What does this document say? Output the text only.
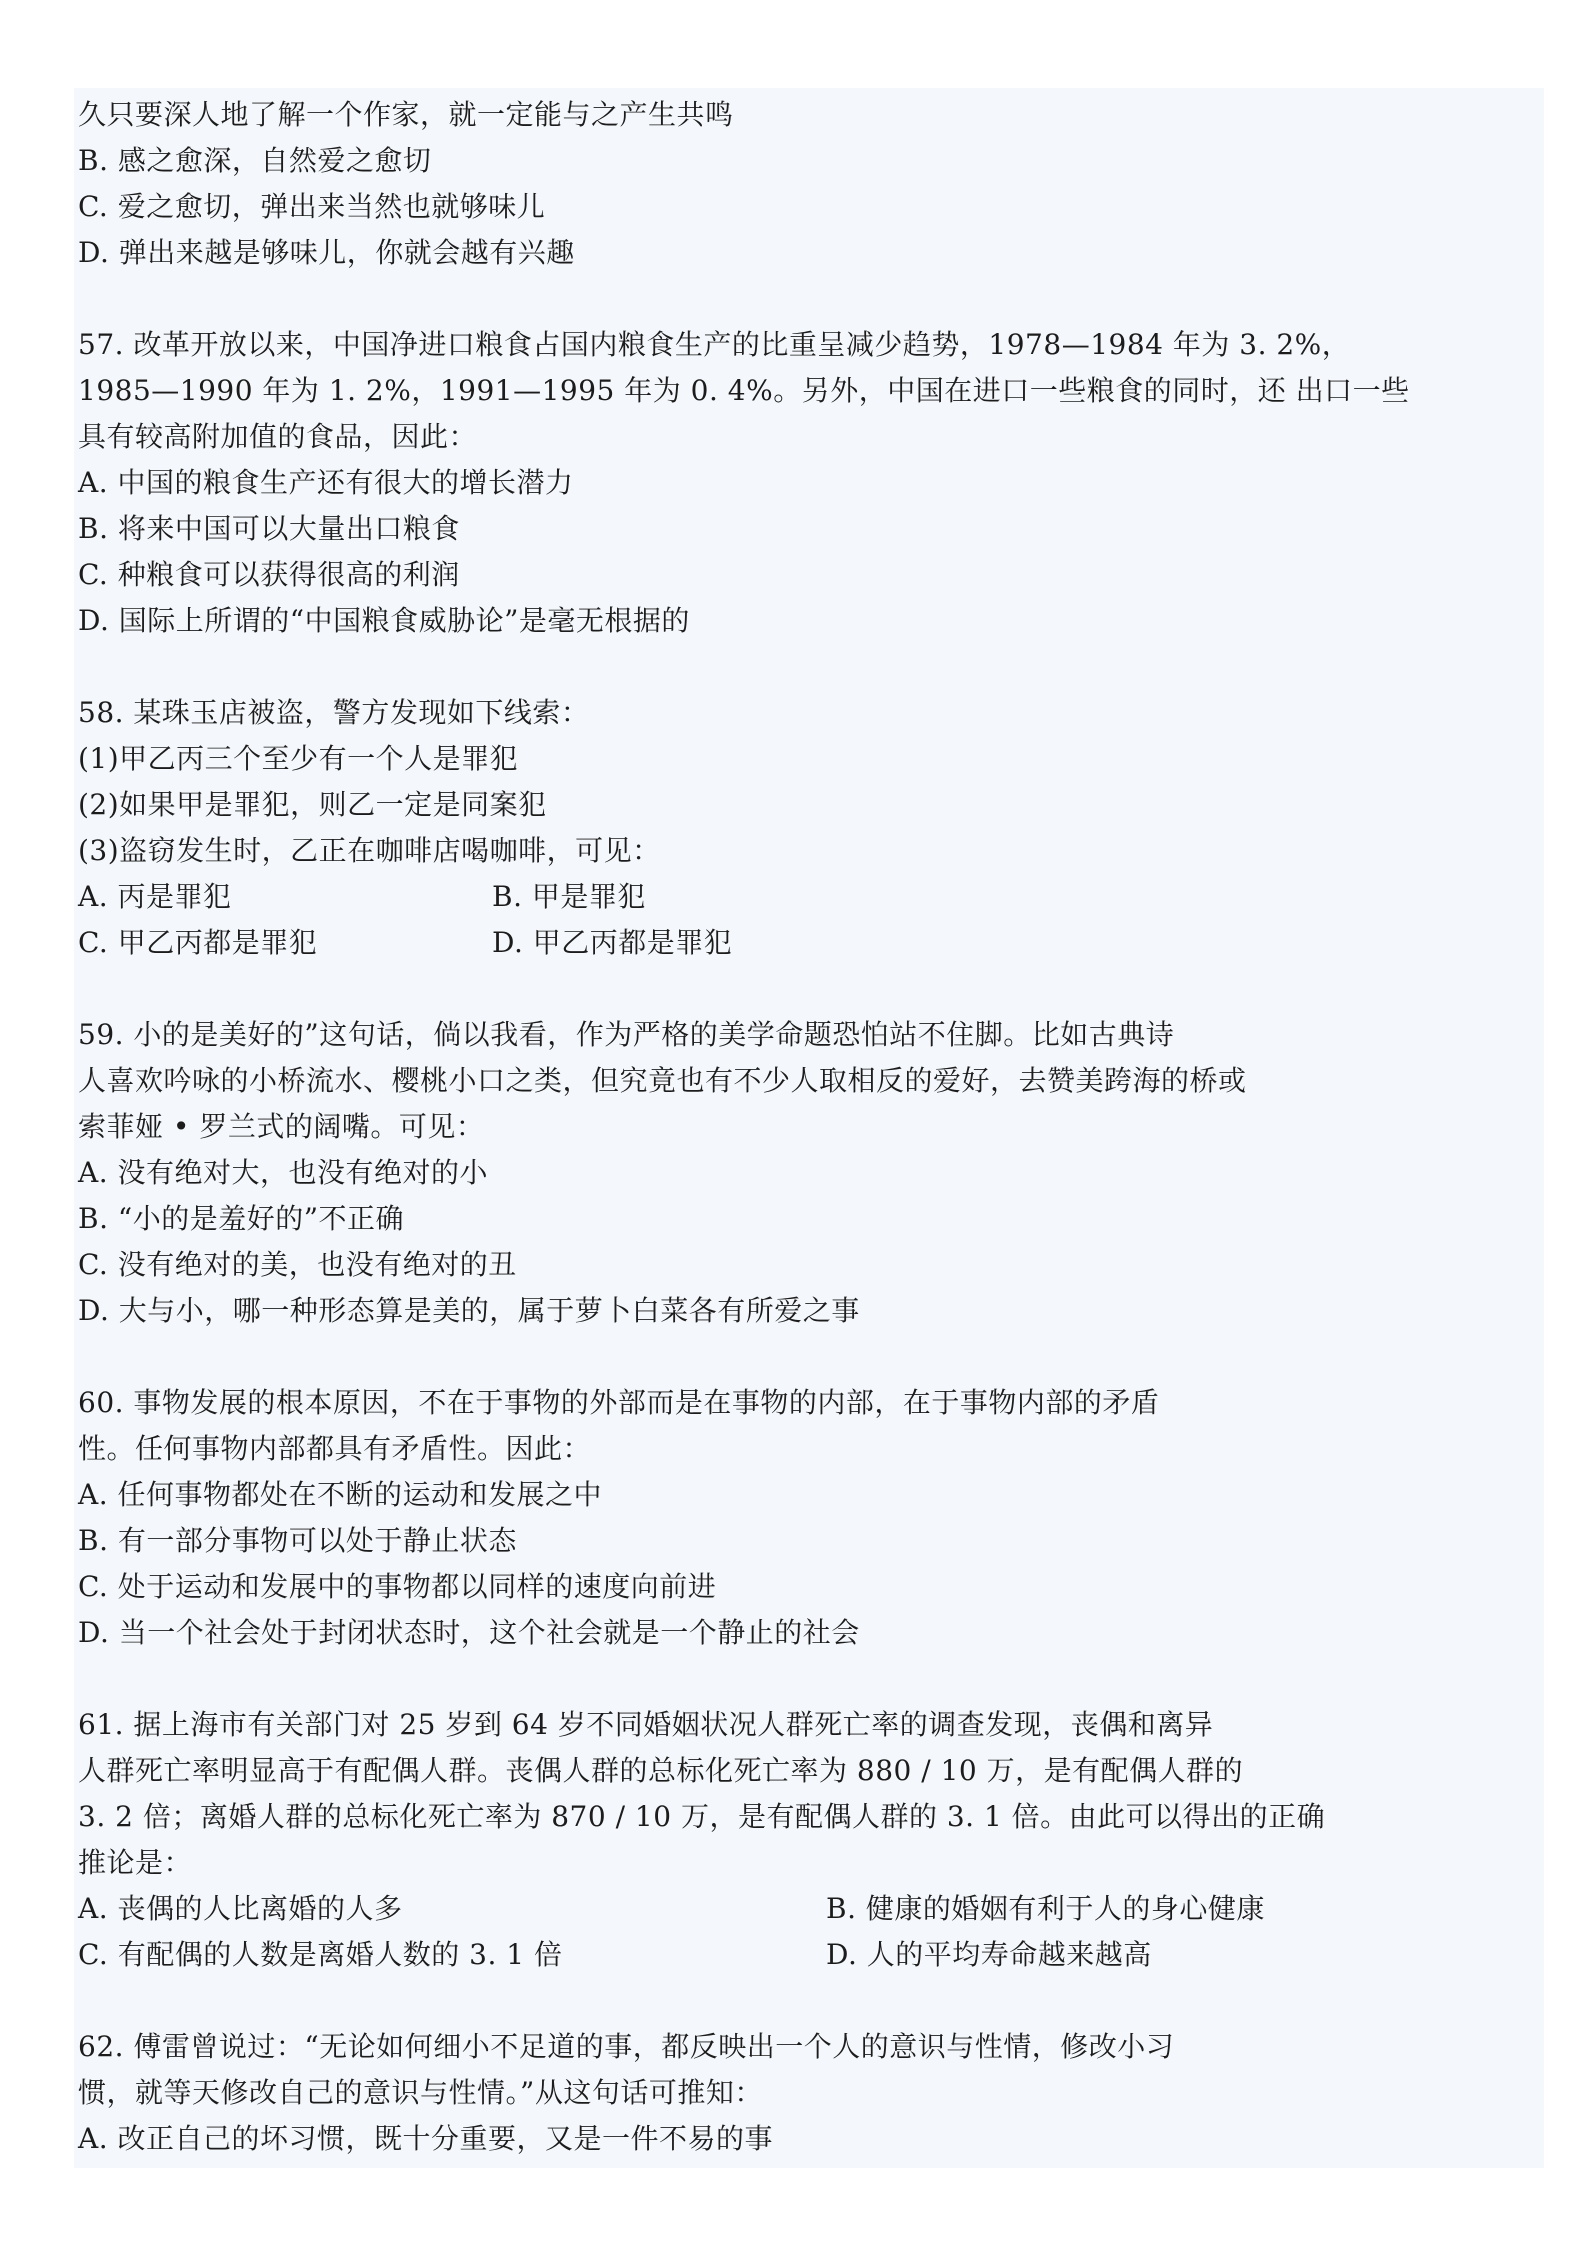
久只要深人地了解一个作家，就一定能与之产生共鸣
B. 感之愈深，自然爱之愈切
C. 爱之愈切，弹出来当然也就够味儿
D. 弹出来越是够味儿，你就会越有兴趣
57. 改革开放以来，中国净进口粮食占国内粮食生产的比重呈减少趋势，1978—1984 年为 3. 2%，
1985—1990 年为 1. 2%，1991—1995 年为 0. 4%。另外，中国在进口一些粮食的同时，还 出口一些
具有较高附加值的食品，因此：
A. 中国的粮食生产还有很大的增长潜力
B. 将来中国可以大量出口粮食
C. 种粮食可以获得很高的利润
D. 国际上所谓的“中国粮食威胁论”是毫无根据的
58. 某珠玉店被盗，警方发现如下线索：
(1)甲乙丙三个至少有一个人是罪犯
(2)如果甲是罪犯，则乙一定是同案犯
(3)盗窃发生时，乙正在咖啡店喝咖啡，可见：
A. 丙是罪犯	B. 甲是罪犯
C. 甲乙丙都是罪犯	D. 甲乙丙都是罪犯
59. 小的是美好的”这句话，倘以我看，作为严格的美学命题恐怕站不住脚。比如古典诗
人喜欢吟咏的小桥流水、樱桃小口之类，但究竟也有不少人取相反的爱好，去赞美跨海的桥或
索菲娅 • 罗兰式的阔嘴。可见：
A. 没有绝对大，也没有绝对的小
B. “小的是羞好的”不正确
C. 没有绝对的美，也没有绝对的丑
D. 大与小，哪一种形态算是美的，属于萝卜白菜各有所爱之事
60. 事物发展的根本原因，不在于事物的外部而是在事物的内部，在于事物内部的矛盾
性。任何事物内部都具有矛盾性。因此：
A. 任何事物都处在不断的运动和发展之中
B. 有一部分事物可以处于静止状态
C. 处于运动和发展中的事物都以同样的速度向前进
D. 当一个社会处于封闭状态时，这个社会就是一个静止的社会
61. 据上海市有关部门对 25 岁到 64 岁不同婚姻状况人群死亡率的调查发现，丧偶和离异
人群死亡率明显高于有配偶人群。丧偶人群的总标化死亡率为 880 / 10 万，是有配偶人群的
3. 2 倍；离婚人群的总标化死亡率为 870 / 10 万，是有配偶人群的 3. 1 倍。由此可以得出的正确
推论是：
A. 丧偶的人比离婚的人多	B. 健康的婚姻有利于人的身心健康
C. 有配偶的人数是离婚人数的 3. 1 倍	D. 人的平均寿命越来越高
62. 傅雷曾说过：“无论如何细小不足道的事，都反映出一个人的意识与性情，修改小习
惯，就等天修改自己的意识与性情。”从这句话可推知：
A. 改正自己的坏习惯，既十分重要，又是一件不易的事
